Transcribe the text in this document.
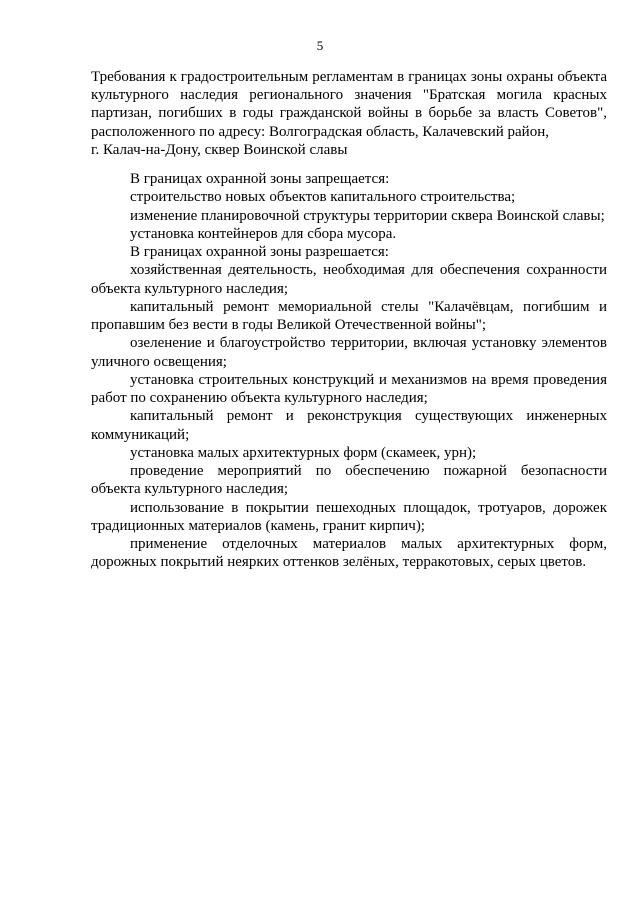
5
Требования к градостроительным регламентам в границах зоны охраны объекта культурного наследия регионального значения "Братская могила красных партизан, погибших в годы гражданской войны в борьбе за власть Советов", расположенного по адресу: Волгоградская область, Калачевский район,
г. Калач-на-Дону, сквер Воинской славы

В границах охранной зоны запрещается:

строительство новых объектов капитального строительства;

изменение планировочной структуры территории сквера Воинской славы;

установка контейнеров для сбора мусора.

В границах охранной зоны разрешается:

хозяйственная деятельность, необходимая для обеспечения сохранности объекта культурного наследия;

капитальный ремонт мемориальной стелы "Калачёвцам, погибшим и пропавшим без вести в годы Великой Отечественной войны";

озеленение и благоустройство территории, включая установку элементов уличного освещения;

установка строительных конструкций и механизмов на время проведения работ по сохранению объекта культурного наследия;

капитальный ремонт и реконструкция существующих инженерных коммуникаций;

установка малых архитектурных форм (скамеек, урн);

проведение мероприятий по обеспечению пожарной безопасности объекта культурного наследия;

использование в покрытии пешеходных площадок, тротуаров, дорожек традиционных материалов (камень, гранит кирпич);

применение отделочных материалов малых архитектурных форм, дорожных покрытий неярких оттенков зелёных, терракотовых, серых цветов.
